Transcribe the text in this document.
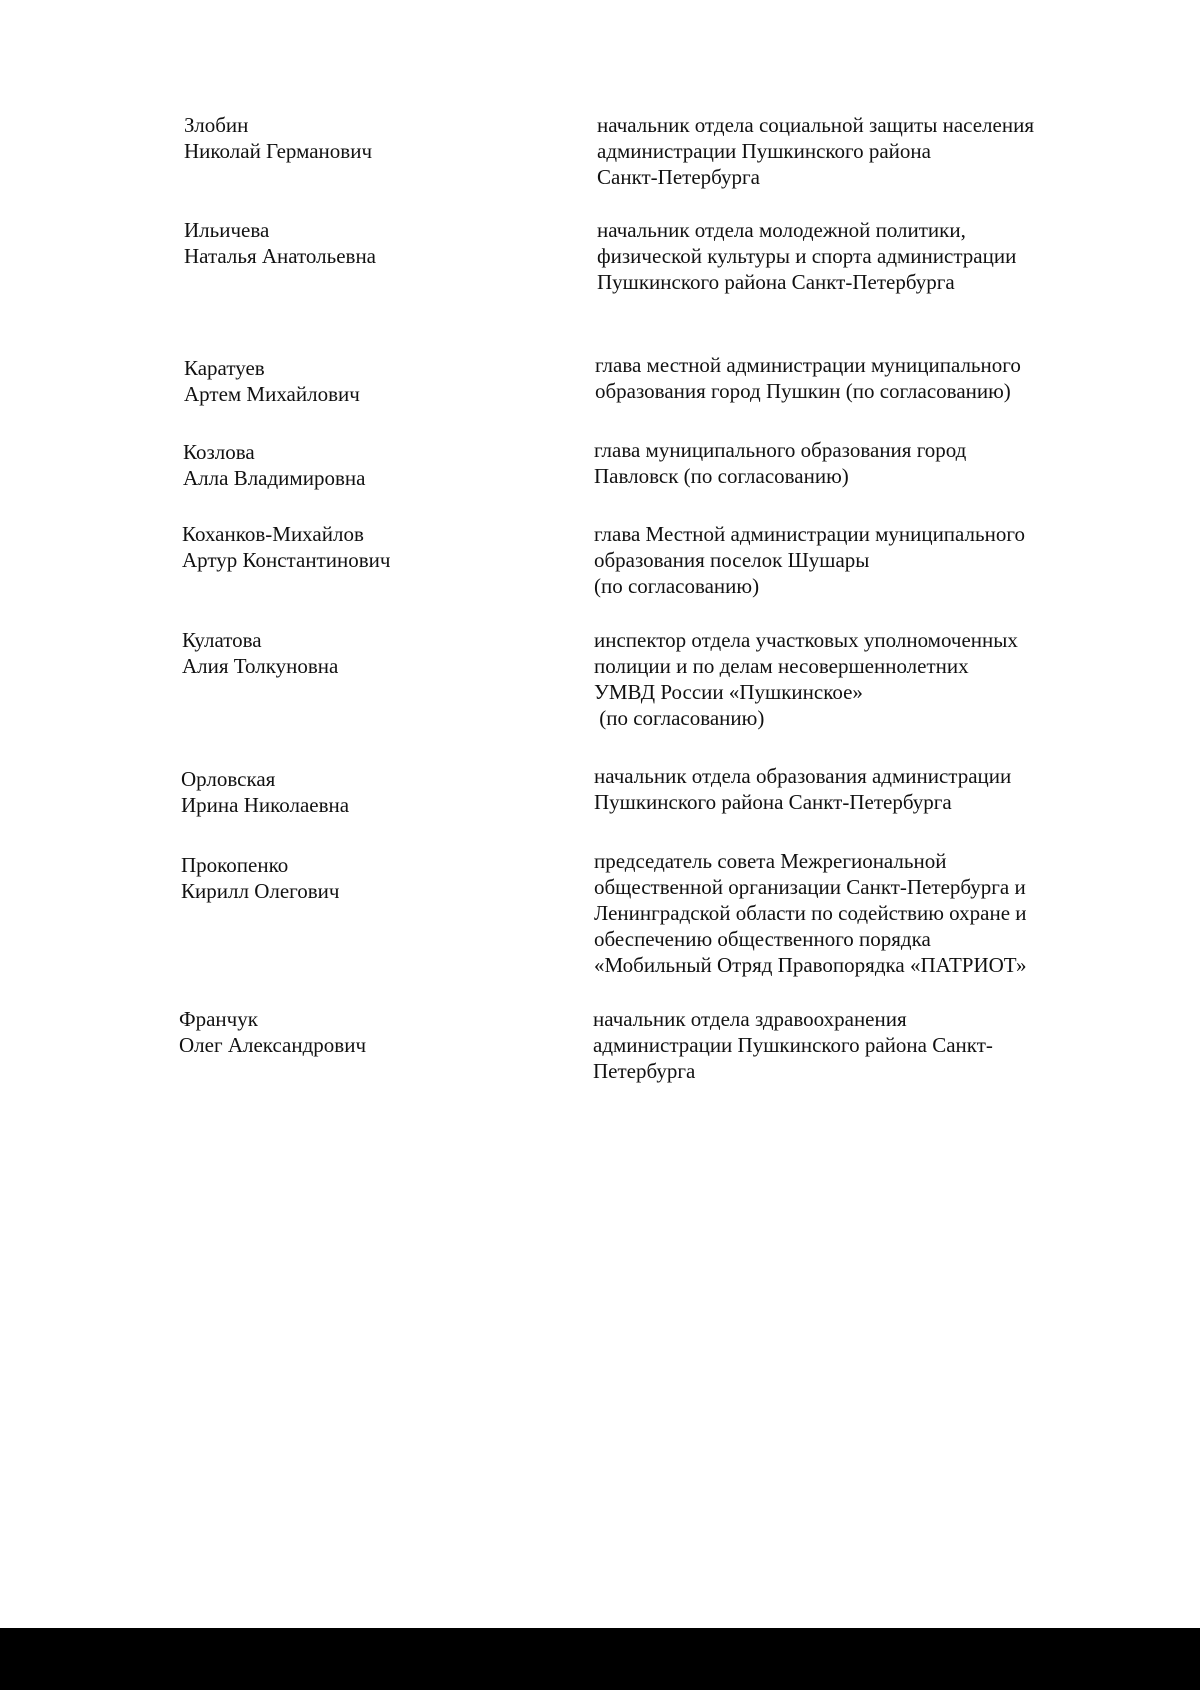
Злобин
Николай Германович
начальник отдела социальной защиты населения
администрации Пушкинского района
Санкт-Петербурга
Ильичева
Наталья Анатольевна
начальник отдела молодежной политики,
физической культуры и спорта администрации
Пушкинского района Санкт-Петербурга
Каратуев
Артем Михайлович
глава местной администрации муниципального
образования город Пушкин (по согласованию)
Козлова
Алла Владимировна
глава муниципального образования город
Павловск (по согласованию)
Коханков-Михайлов
Артур Константинович
глава Местной администрации муниципального
образования поселок Шушары
(по согласованию)
Кулатова
Алия Толкуновна
инспектор отдела участковых уполномоченных
полиции и по делам несовершеннолетних
УМВД России «Пушкинское»
(по согласованию)
Орловская
Ирина Николаевна
начальник отдела образования администрации
Пушкинского района Санкт-Петербурга
Прокопенко
Кирилл Олегович
председатель совета Межрегиональной
общественной организации Санкт-Петербурга и
Ленинградской области по содействию охране и
обеспечению общественного порядка
«Мобильный Отряд Правопорядка «ПАТРИОТ»
Франчук
Олег Александрович
начальник отдела здравоохранения
администрации Пушкинского района Санкт-
Петербурга
